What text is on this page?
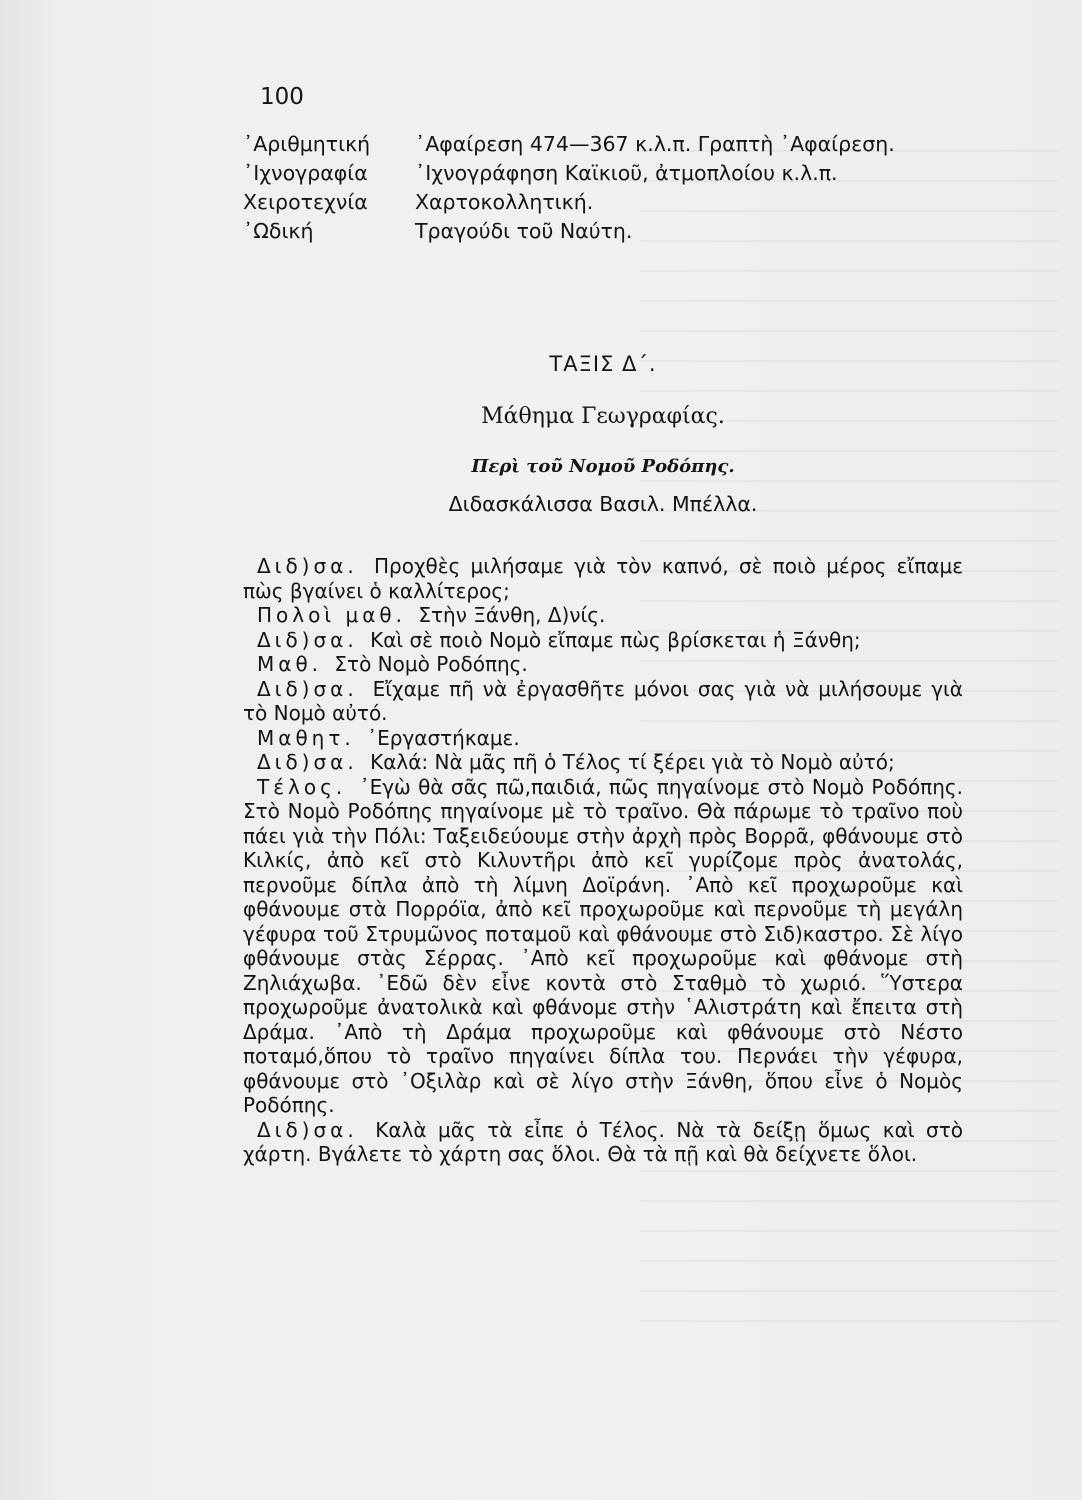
100
᾿Αριθμητική	᾿Αφαίρεση 474—367 κ.λ.π. Γραπτὴ ᾿Αφαίρεση.
᾿Ιχνογραφία	᾿Ιχνογράφηση Καϊκιοῦ, ἀτμοπλοίου κ.λ.π.
Χειροτεχνία	Χαρτοκολλητική.
᾿Ωδική	Τραγούδι τοῦ Ναύτη.
ΤΑΞΙΣ Δ΄.
Μάθημα Γεωγραφίας.
Περὶ τοῦ Νομοῦ Ροδόπης.
Διδασκάλισσα Βασιλ. Μπέλλα.

Διδ)σα. Προχθὲς μιλήσαμε γιὰ τὸν καπνό, σὲ ποιὸ μέρος εἴπαμε πὼς βγαίνει ὁ καλλίτερος;

Πολοὶ μαθ. Στὴν Ξάνθη, Δ)νίς.

Διδ)σα. Καὶ σὲ ποιὸ Νομὸ εἴπαμε πὼς βρίσκεται ἡ Ξάνθη;

Μαθ. Στὸ Νομὸ Ροδόπης.

Διδ)σα. Εἴχαμε πῆ νὰ ἐργασθῆτε μόνοι σας γιὰ νὰ μιλήσουμε γιὰ τὸ Νομὸ αὐτό.

Μαθητ. ᾿Εργαστήκαμε.

Διδ)σα. Καλά: Νὰ μᾶς πῆ ὁ Τέλος τί ξέρει γιὰ τὸ Νομὸ αὐτό;

Τέλος. ᾿Εγὼ θὰ σᾶς πῶ,παιδιά, πῶς πηγαίνομε στὸ Νομὸ Ροδόπης. Στὸ Νομὸ Ροδόπης πηγαίνομε μὲ τὸ τραῖνο. Θὰ πάρωμε τὸ τραῖνο ποὺ πάει γιὰ τὴν Πόλι: Ταξειδεύουμε στὴν ἀρχὴ πρὸς Βορρᾶ, φθάνουμε στὸ Κιλκίς, ἀπὸ κεῖ στὸ Κιλυντῆρι ἀπὸ κεῖ γυρίζομε πρὸς ἀνατολάς, περνοῦμε δίπλα ἀπὸ τὴ λίμνη Δοϊράνη. ᾿Απὸ κεῖ προχωροῦμε καὶ φθάνουμε στὰ Πορρόϊα, ἀπὸ κεῖ προχωροῦμε καὶ περνοῦμε τὴ μεγάλη γέφυρα τοῦ Στρυμῶνος ποταμοῦ καὶ φθάνουμε στὸ Σιδ)καστρο. Σὲ λίγο φθάνουμε στὰς Σέρρας. ᾿Απὸ κεῖ προχωροῦμε καὶ φθάνομε στὴ Ζηλιάχωβα. ᾿Εδῶ δὲν εἶνε κοντὰ στὸ Σταθμὸ τὸ χωριό. Ὕστερα προχωροῦμε ἀνατολικὰ καὶ φθάνομε στὴν ῾Αλιστράτη καὶ ἔπειτα στὴ Δράμα. ᾿Απὸ τὴ Δράμα προχωροῦμε καὶ φθάνουμε στὸ Νέστο ποταμό,ὅπου τὸ τραῖνο πηγαίνει δίπλα του. Περνάει τὴν γέφυρα, φθάνουμε στὸ ᾿Οξιλὰρ καὶ σὲ λίγο στὴν Ξάνθη, ὅπου εἶνε ὁ Νομὸς Ροδόπης.

Διδ)σα. Καλὰ μᾶς τὰ εἶπε ὁ Τέλος. Νὰ τὰ δείξῃ ὅμως καὶ στὸ χάρτη. Βγάλετε τὸ χάρτη σας ὅλοι. Θὰ τὰ πῇ καὶ θὰ δείχνετε ὅλοι.
